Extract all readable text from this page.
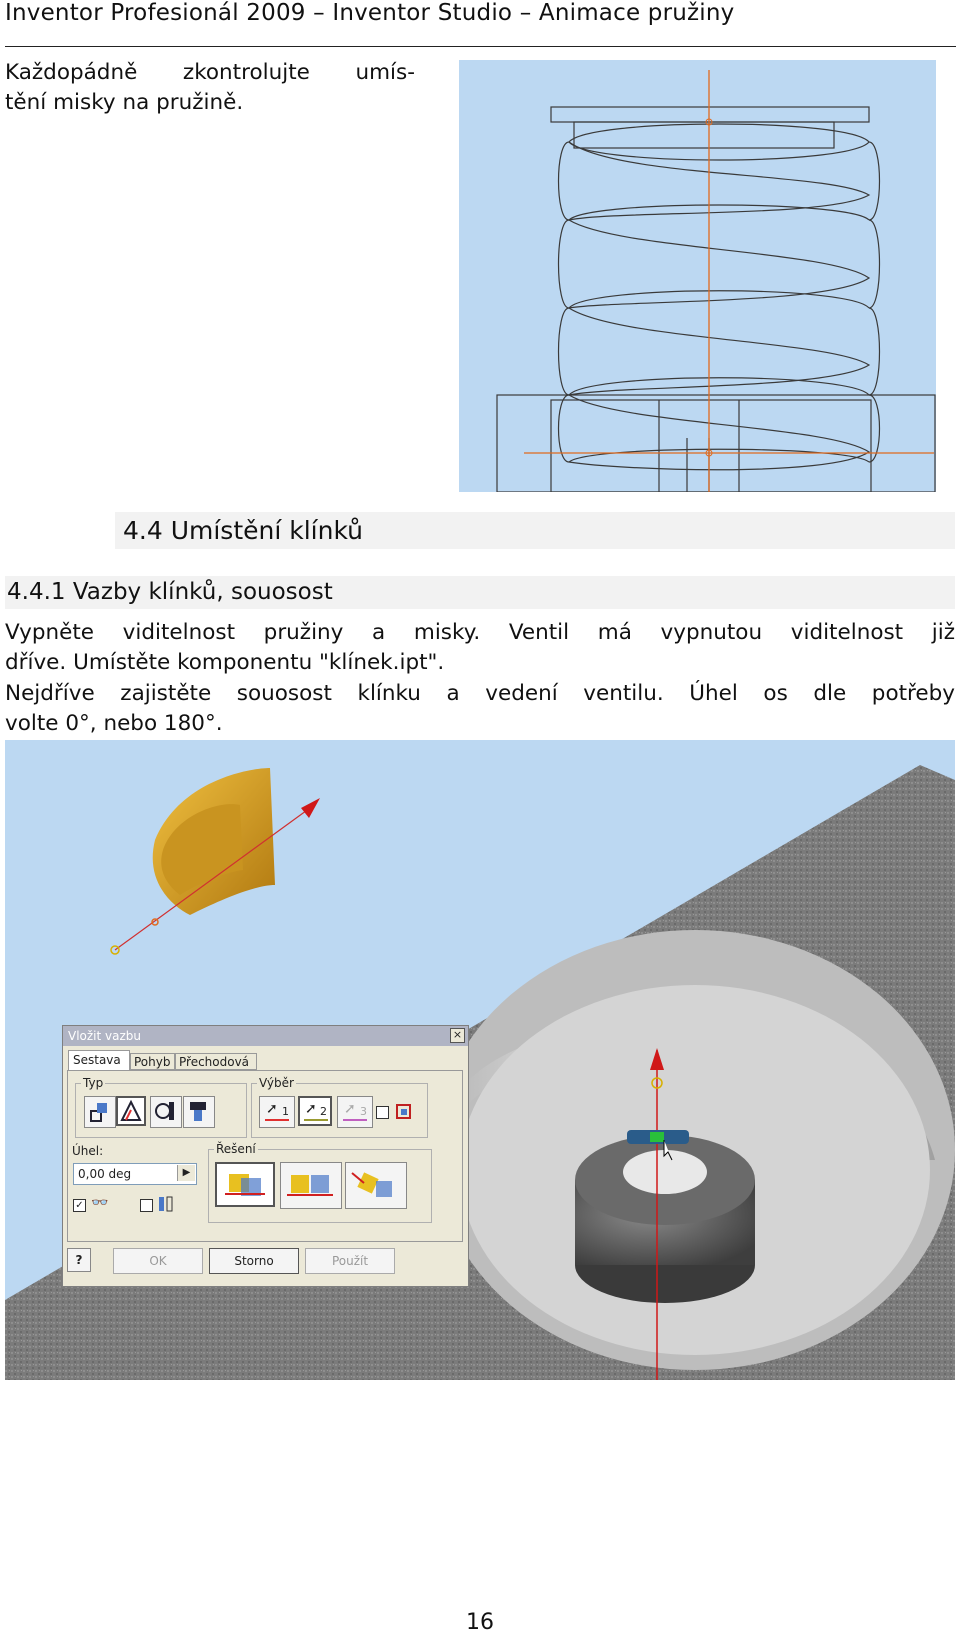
Inventor Profesionál 2009 – Inventor Studio – Animace pružiny
Každopádně zkontrolujte umís-
tění misky na pružině.
4.4 Umístění klínků
4.4.1 Vazby klínků, souosost
Vypněte viditelnost pružiny a misky. Ventil má vypnutou viditelnost již
dříve. Umístěte komponentu "klínek.ipt".
Nejdříve zajistěte souosost klínku a vedení ventilu. Úhel os dle potřeby
volte 0°, nebo 180°.
Vložit vazbu	×
Sestava	Pohyb Přechodová
Typ	Výběr
➚ 1 ➚ 2 ➚ 3
Úhel:
0,00 deg	▶
✓ 👓
Řešení
?	OK	Storno	Použít
16
